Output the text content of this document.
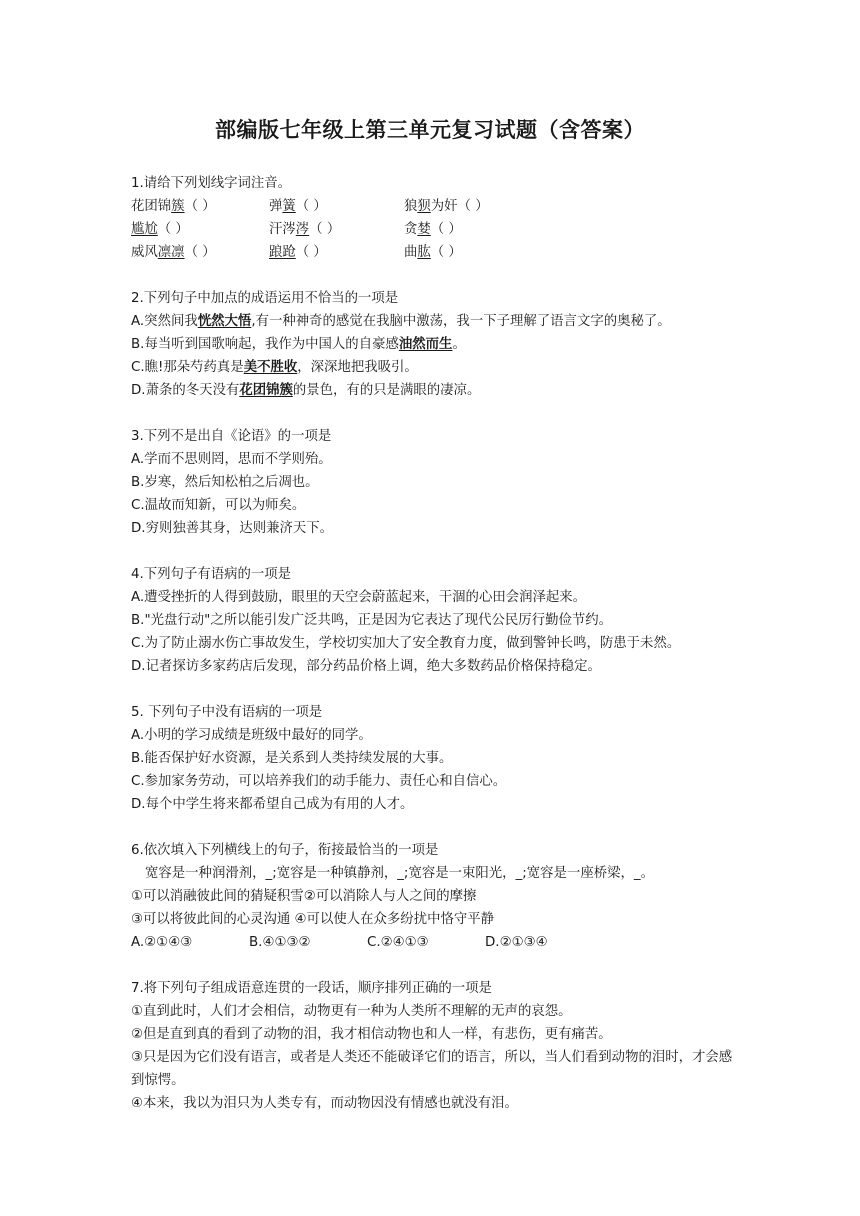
部编版七年级上第三单元复习试题（含答案）
1.请给下列划线字词注音。
花团锦簇（ ）	弹簧（ ）	狼狈为奸（ ）
尴尬（ ）	汗涔涔（ ）	贪婪（ ）
威风凛凛（ ）	踉跄（ ）	曲肱（ ）
2.下列句子中加点的成语运用不恰当的一项是
A.突然间我恍然大悟,有一种神奇的感觉在我脑中激荡，我一下子理解了语言文字的奥秘了。
B.每当听到国歌响起，我作为中国人的自豪感油然而生。
C.瞧!那朵芍药真是美不胜收，深深地把我吸引。
D.萧条的冬天没有花团锦簇的景色，有的只是满眼的凄凉。
3.下列不是出自《论语》的一项是
A.学而不思则罔，思而不学则殆。
B.岁寒，然后知松柏之后凋也。
C.温故而知新，可以为师矣。
D.穷则独善其身，达则兼济天下。
4.下列句子有语病的一项是
A.遭受挫折的人得到鼓励，眼里的天空会蔚蓝起来，干涸的心田会润泽起来。
B."光盘行动"之所以能引发广泛共鸣，正是因为它表达了现代公民厉行勤俭节约。
C.为了防止溺水伤亡事故发生，学校切实加大了安全教育力度，做到警钟长鸣，防患于未然。
D.记者探访多家药店后发现，部分药品价格上调，绝大多数药品价格保持稳定。
5. 下列句子中没有语病的一项是
A.小明的学习成绩是班级中最好的同学。
B.能否保护好水资源，是关系到人类持续发展的大事。
C.参加家务劳动，可以培养我们的动手能力、责任心和自信心。
D.每个中学生将来都希望自己成为有用的人才。
6.依次填入下列横线上的句子，衔接最恰当的一项是
宽容是一种润滑剂，_;宽容是一种镇静剂，_;宽容是一束阳光，_;宽容是一座桥梁，_。
①可以消融彼此间的猜疑积雪②可以消除人与人之间的摩擦
③可以将彼此间的心灵沟通 ④可以使人在众多纷扰中恪守平静
A.②①④③	B.④①③②	C.②④①③	D.②①③④
7.将下列句子组成语意连贯的一段话，顺序排列正确的一项是
①直到此时，人们才会相信，动物更有一种为人类所不理解的无声的哀怨。
②但是直到真的看到了动物的泪，我才相信动物也和人一样，有悲伤，更有痛苦。
③只是因为它们没有语言，或者是人类还不能破译它们的语言，所以，当人们看到动物的泪时，才会感到惊愕。
④本来，我以为泪只为人类专有，而动物因没有情感也就没有泪。
